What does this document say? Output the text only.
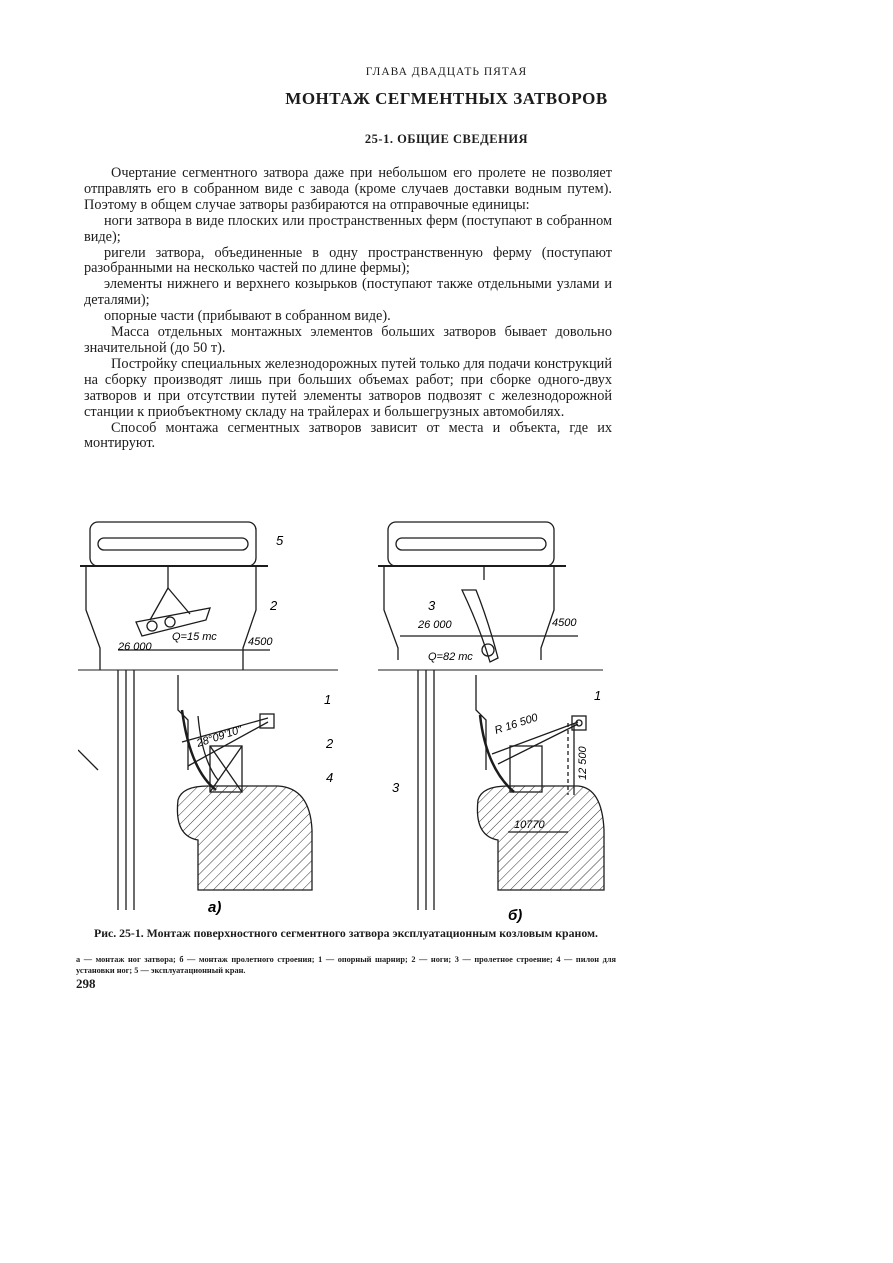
ГЛАВА ДВАДЦАТЬ ПЯТАЯ
МОНТАЖ СЕГМЕНТНЫХ ЗАТВОРОВ
25-1. ОБЩИЕ СВЕДЕНИЯ

Очертание сегментного затвора даже при небольшом его пролете не позволяет отправлять его в собранном виде с завода (кроме случаев доставки водным путем). Поэтому в общем случае затворы разбираются на отправочные единицы:

ноги затвора в виде плоских или пространственных ферм (поступают в собранном виде);

ригели затвора, объединенные в одну пространственную ферму (поступают разобранными на несколько частей по длине фермы);

элементы нижнего и верхнего козырьков (поступают также отдельными узлами и деталями);

опорные части (прибывают в собранном виде).

Масса отдельных монтажных элементов больших затворов бывает довольно значительной (до 50 т).

Постройку специальных железнодорожных путей только для подачи конструкций на сборку производят лишь при больших объемах работ; при сборке одного-двух затворов и при отсутствии путей элементы затворов подвозят с железнодорожной станции к приобъектному складу на трайлерах и большегрузных автомобилях.

Способ монтажа сегментных затворов зависит от места и объекта, где их монтируют.

5
2
Q=15 тс
26 000	4500
28°09'10"
1
2
4
а)
3
26 000	4500
Q=82 тс
R 16 500
1
3
12 500
10770
б)
Рис. 25-1. Монтаж поверхностного сегментного затвора эксплуатационным козловым краном.
а — монтаж ног затвора; б — монтаж пролетного строения; 1 — опорный шарнир; 2 — ноги; 3 — пролетное строение; 4 — пилон для установки ног; 5 — эксплуатационный кран.
298
